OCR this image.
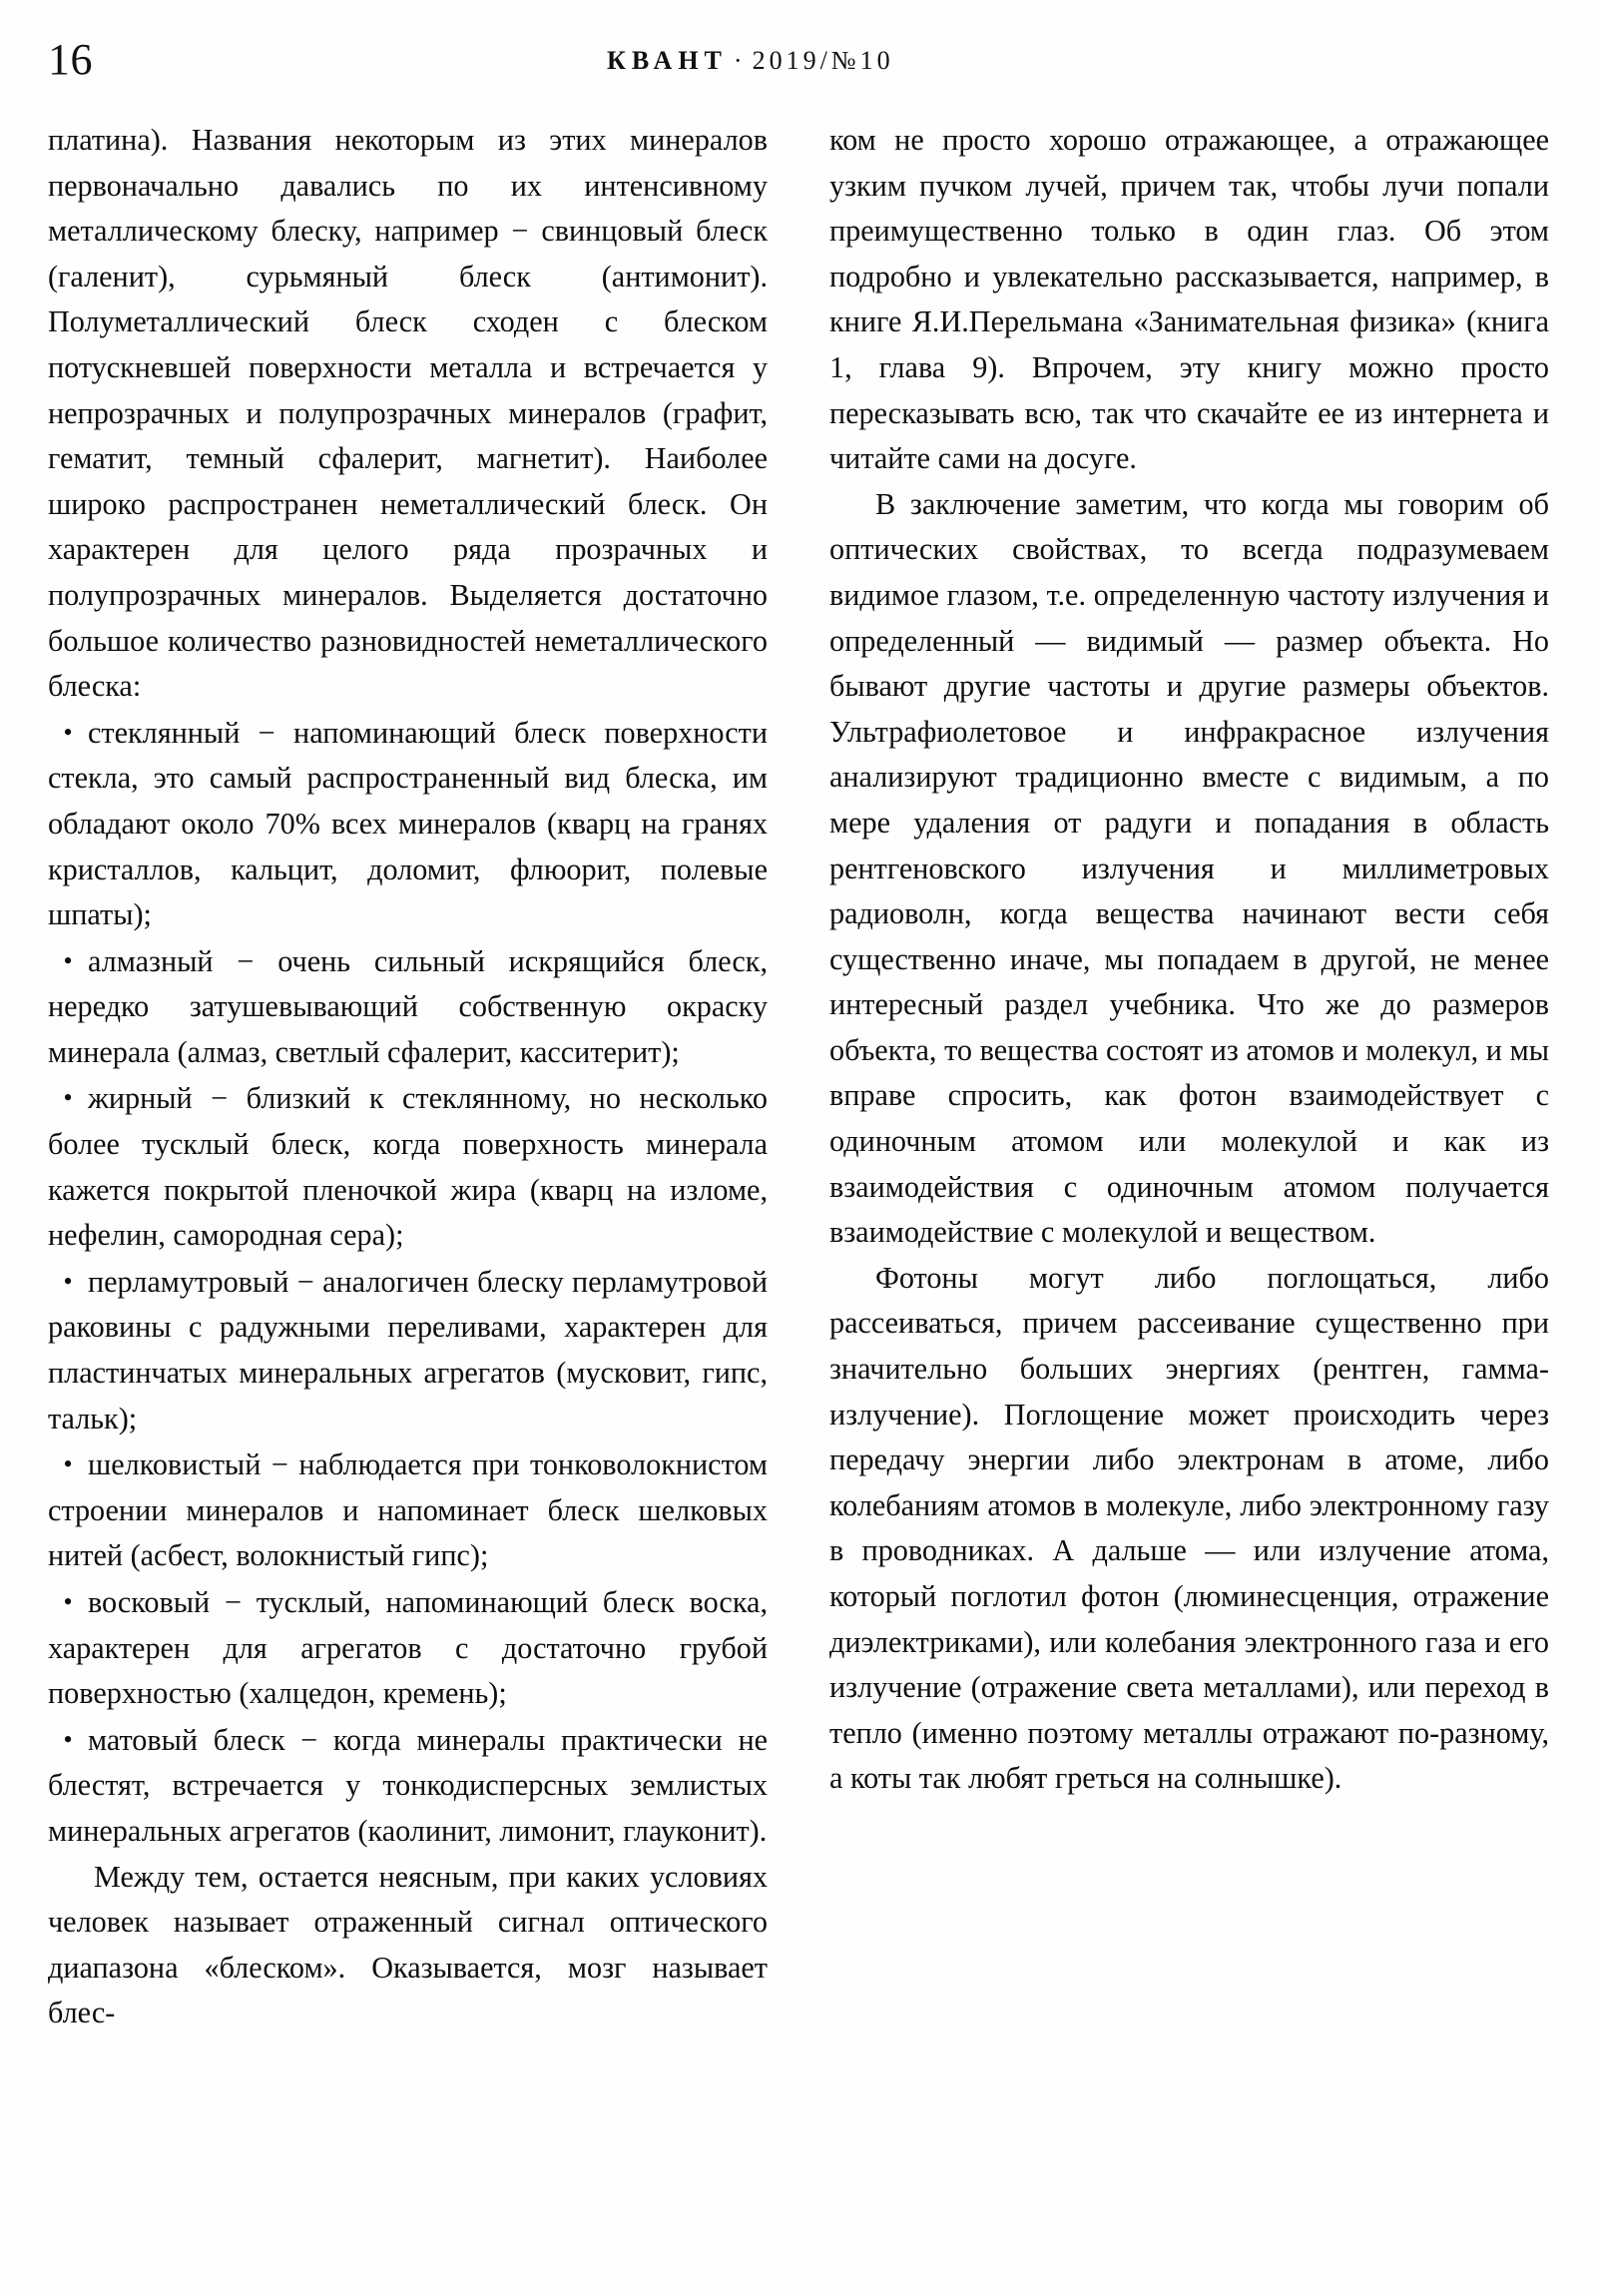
16	КВАНТ · 2019/№10

платина). Названия некоторым из этих минералов первоначально давались по их интенсивному металлическому блеску, например − свинцовый блеск (галенит), сурьмяный блеск (антимонит). Полуметаллический блеск сходен с блеском потускневшей поверхности металла и встречается у непрозрачных и полупрозрачных минералов (графит, гематит, темный сфалерит, магнетит). Наиболее широко распространен неметаллический блеск. Он характерен для целого ряда прозрачных и полупрозрачных минералов. Выделяется достаточно большое количество разновидностей неметаллического блеска:

• стеклянный − напоминающий блеск поверхности стекла, это самый распространенный вид блеска, им обладают около 70% всех минералов (кварц на гранях кристаллов, кальцит, доломит, флюорит, полевые шпаты);

• алмазный − очень сильный искрящийся блеск, нередко затушевывающий собственную окраску минерала (алмаз, светлый сфалерит, касситерит);

• жирный − близкий к стеклянному, но несколько более тусклый блеск, когда поверхность минерала кажется покрытой пленочкой жира (кварц на изломе, нефелин, самородная сера);

• перламутровый − аналогичен блеску перламутровой раковины с радужными переливами, характерен для пластинчатых минеральных агрегатов (мусковит, гипс, тальк);

• шелковистый − наблюдается при тонковолокнистом строении минералов и напоминает блеск шелковых нитей (асбест, волокнистый гипс);

• восковый − тусклый, напоминающий блеск воска, характерен для агрегатов с достаточно грубой поверхностью (халцедон, кремень);

• матовый блеск − когда минералы практически не блестят, встречается у тонкодисперсных землистых минеральных агрегатов (каолинит, лимонит, глауконит).

Между тем, остается неясным, при каких условиях человек называет отраженный сигнал оптического диапазона «блеском». Оказывается, мозг называет блес-

ком не просто хорошо отражающее, а отражающее узким пучком лучей, причем так, чтобы лучи попали преимущественно только в один глаз. Об этом подробно и увлекательно рассказывается, например, в книге Я.И.Перельмана «Занимательная физика» (книга 1, глава 9). Впрочем, эту книгу можно просто пересказывать всю, так что скачайте ее из интернета и читайте сами на досуге.

В заключение заметим, что когда мы говорим об оптических свойствах, то всегда подразумеваем видимое глазом, т.е. определенную частоту излучения и определенный — видимый — размер объекта. Но бывают другие частоты и другие размеры объектов. Ультрафиолетовое и инфракрасное излучения анализируют традиционно вместе с видимым, а по мере удаления от радуги и попадания в область рентгеновского излучения и миллиметровых радиоволн, когда вещества начинают вести себя существенно иначе, мы попадаем в другой, не менее интересный раздел учебника. Что же до размеров объекта, то вещества состоят из атомов и молекул, и мы вправе спросить, как фотон взаимодействует с одиночным атомом или молекулой и как из взаимодействия с одиночным атомом получается взаимодействие с молекулой и веществом.

Фотоны могут либо поглощаться, либо рассеиваться, причем рассеивание существенно при значительно больших энергиях (рентген, гамма-излучение). Поглощение может происходить через передачу энергии либо электронам в атоме, либо колебаниям атомов в молекуле, либо электронному газу в проводниках. А дальше — или излучение атома, который поглотил фотон (люминесценция, отражение диэлектриками), или колебания электронного газа и его излучение (отражение света металлами), или переход в тепло (именно поэтому металлы отражают по-разному, а коты так любят греться на солнышке).
